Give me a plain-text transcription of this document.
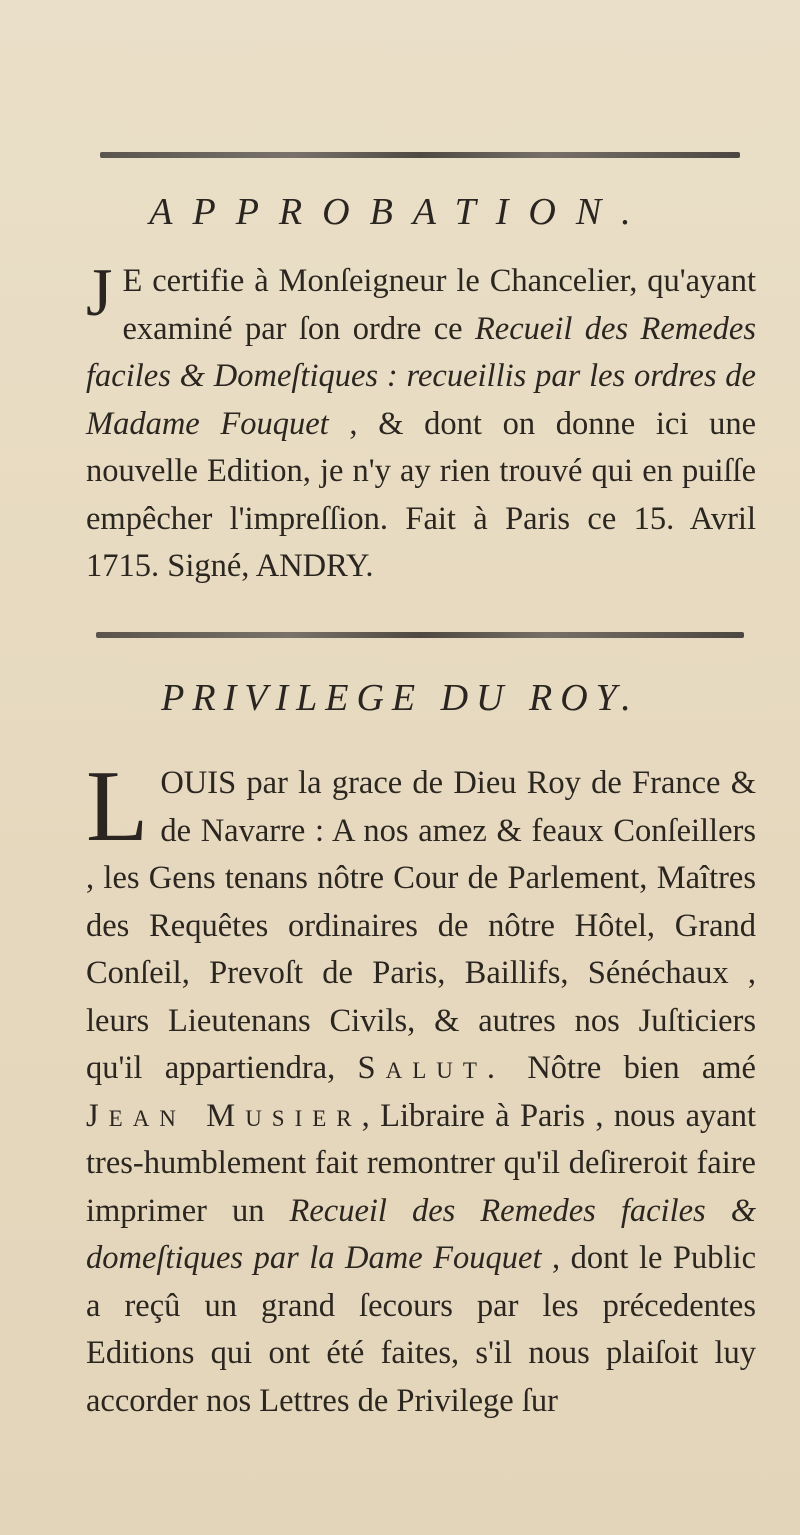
APPROBATION.
J E certifie à Monſeigneur le Chancelier, qu'ayant examiné par ſon ordre ce Recueil des Remedes faciles & Domeſtiques : recueillis par les ordres de Madame Fouquet , & dont on donne ici une nouvelle Edition, je n'y ay rien trouvé qui en puiſſe empêcher l'impreſſion. Fait à Paris ce 15. Avril 1715. Signé, ANDRY.
PRIVILEGE DU ROY.
LOUIS par la grace de Dieu Roy de France & de Navarre : A nos amez & feaux Conſeillers , les Gens tenans nôtre Cour de Parlement, Maîtres des Requêtes ordinaires de nôtre Hôtel, Grand Conſeil, Prevoſt de Paris, Baillifs, Sénéchaux , leurs Lieutenans Civils, & autres nos Juſticiers qu'il appartiendra, Salut. Nôtre bien amé Jean Musier, Libraire à Paris , nous ayant tres-humblement fait remontrer qu'il deſireroit faire imprimer un Recueil des Remedes faciles & domeſtiques par la Dame Fouquet , dont le Public a reçû un grand ſecours par les précedentes Editions qui ont été faites, s'il nous plaiſoit luy accorder nos Lettres de Privilege ſur
